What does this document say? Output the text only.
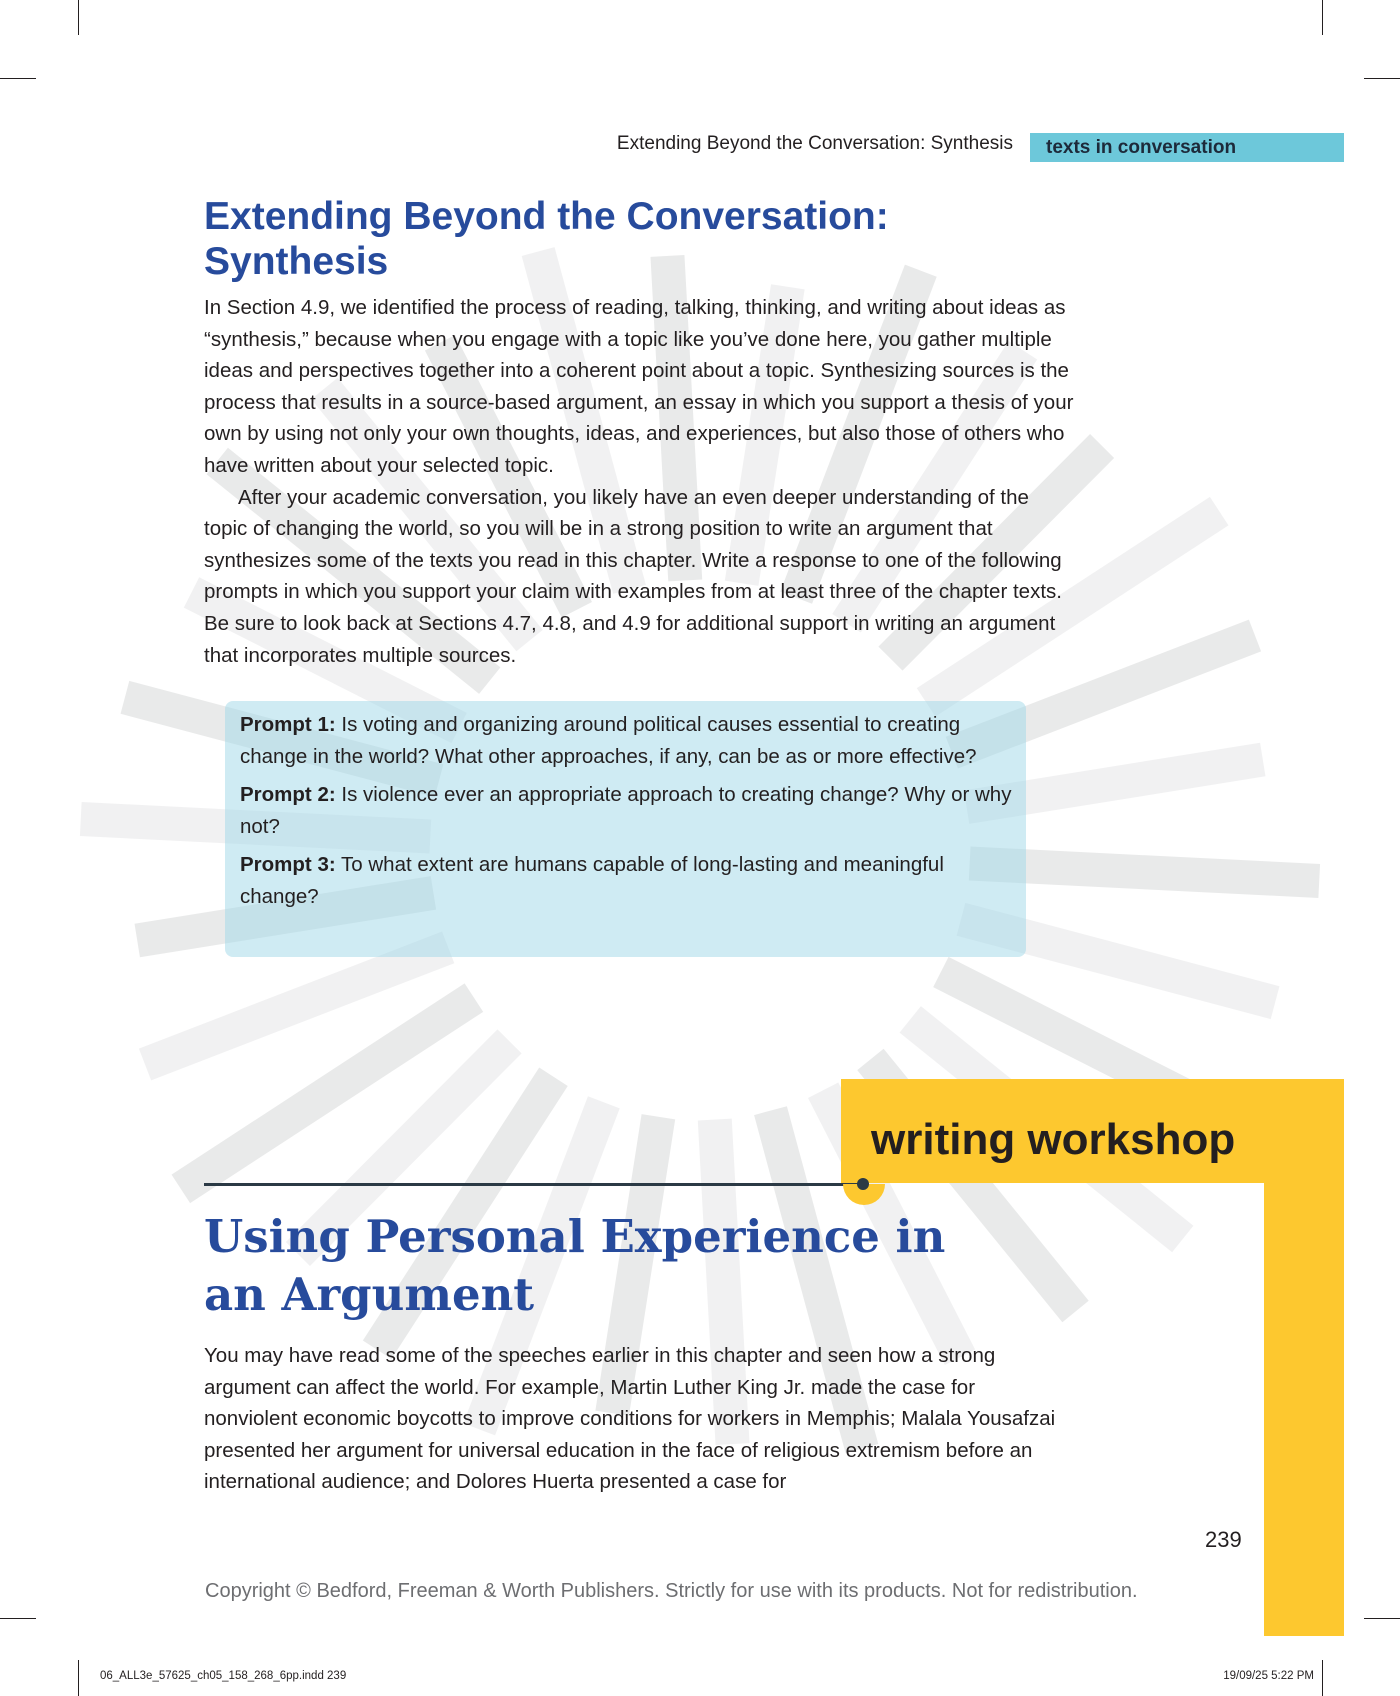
Extending Beyond the Conversation: Synthesis texts in conversation
Extending Beyond the Conversation: Synthesis

In Section 4.9, we identified the process of reading, talking, thinking, and writing about ideas as “synthesis,” because when you engage with a topic like you’ve done here, you gather multiple ideas and perspectives together into a coherent point about a topic. Synthesizing sources is the process that results in a source-based argument, an essay in which you support a thesis of your own by using not only your own thoughts, ideas, and experiences, but also those of others who have written about your selected topic.

After your academic conversation, you likely have an even deeper understanding of the topic of changing the world, so you will be in a strong position to write an argument that synthesizes some of the texts you read in this chapter. Write a response to one of the following prompts in which you support your claim with examples from at least three of the chapter texts. Be sure to look back at Sections 4.7, 4.8, and 4.9 for additional support in writing an argument that incorporates multiple sources.

Prompt 1: Is voting and organizing around political causes essential to creating change in the world? What other approaches, if any, can be as or more effective?

Prompt 2: Is violence ever an appropriate approach to creating change? Why or why not?

Prompt 3: To what extent are humans capable of long-lasting and meaningful change?

writing workshop
Using Personal Experience in an Argument

You may have read some of the speeches earlier in this chapter and seen how a strong argument can affect the world. For example, Martin Luther King Jr. made the case for nonviolent economic boycotts to improve conditions for workers in Memphis; Malala Yousafzai presented her argument for universal education in the face of religious extremism before an international audience; and Dolores Huerta presented a case for

239
Copyright © Bedford, Freeman & Worth Publishers. Strictly for use with its products. Not for redistribution.
06_ALL3e_57625_ch05_158_268_6pp.indd 239	19/09/25 5:22 PM
